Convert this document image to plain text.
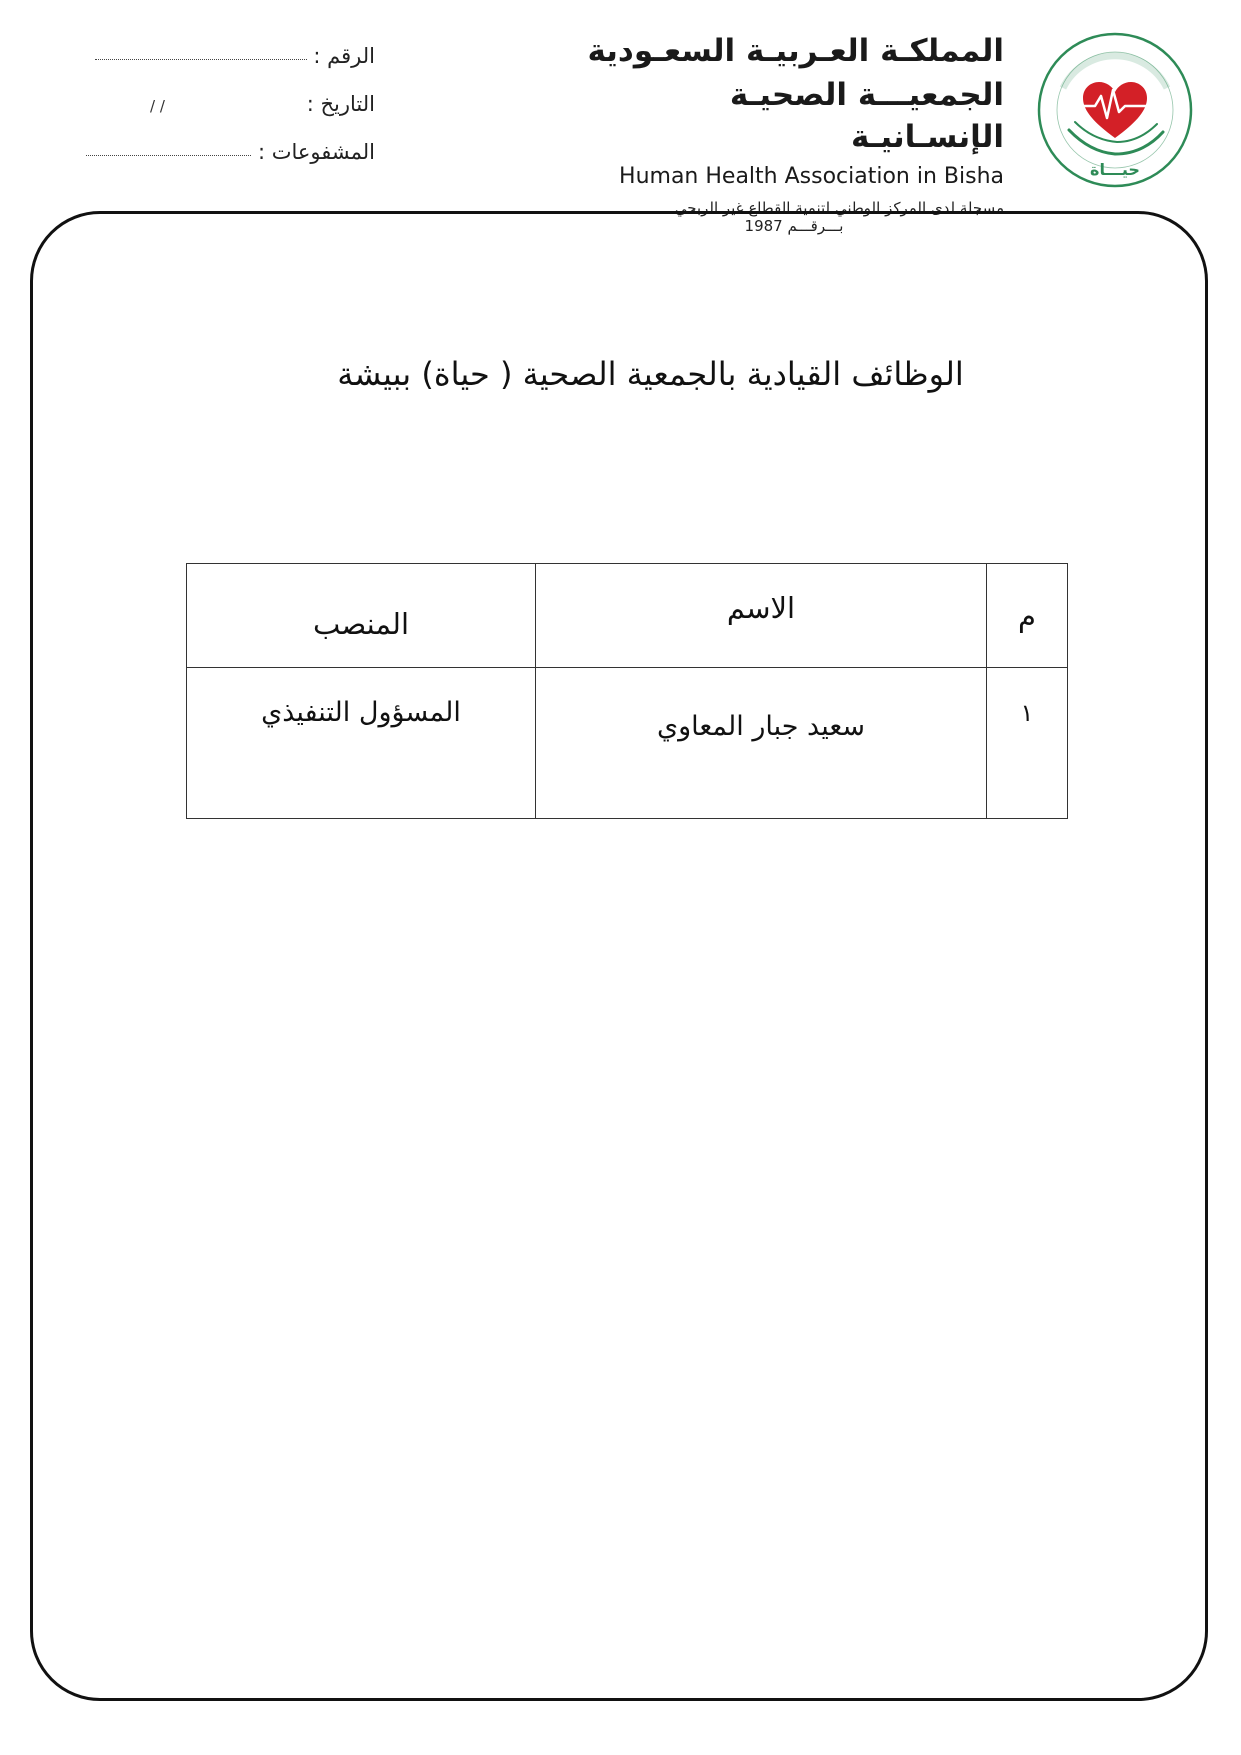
الرقم :
التاريخ : / /
المشفوعات :
المملكـة العـربيـة السعـودية
الجمعيـــة الصحيـة الإنسـانيـة
Human Health Association in Bisha
مسجلة لدى المركز الوطني لتنمية القطاع غير الربحي
بـــرقـــم 1987
حيـــاة
الوظائف القيادية بالجمعية الصحية ( حياة) ببيشة
م	الاسم	المنصب
١	سعيد جبار المعاوي	المسؤول التنفيذي
